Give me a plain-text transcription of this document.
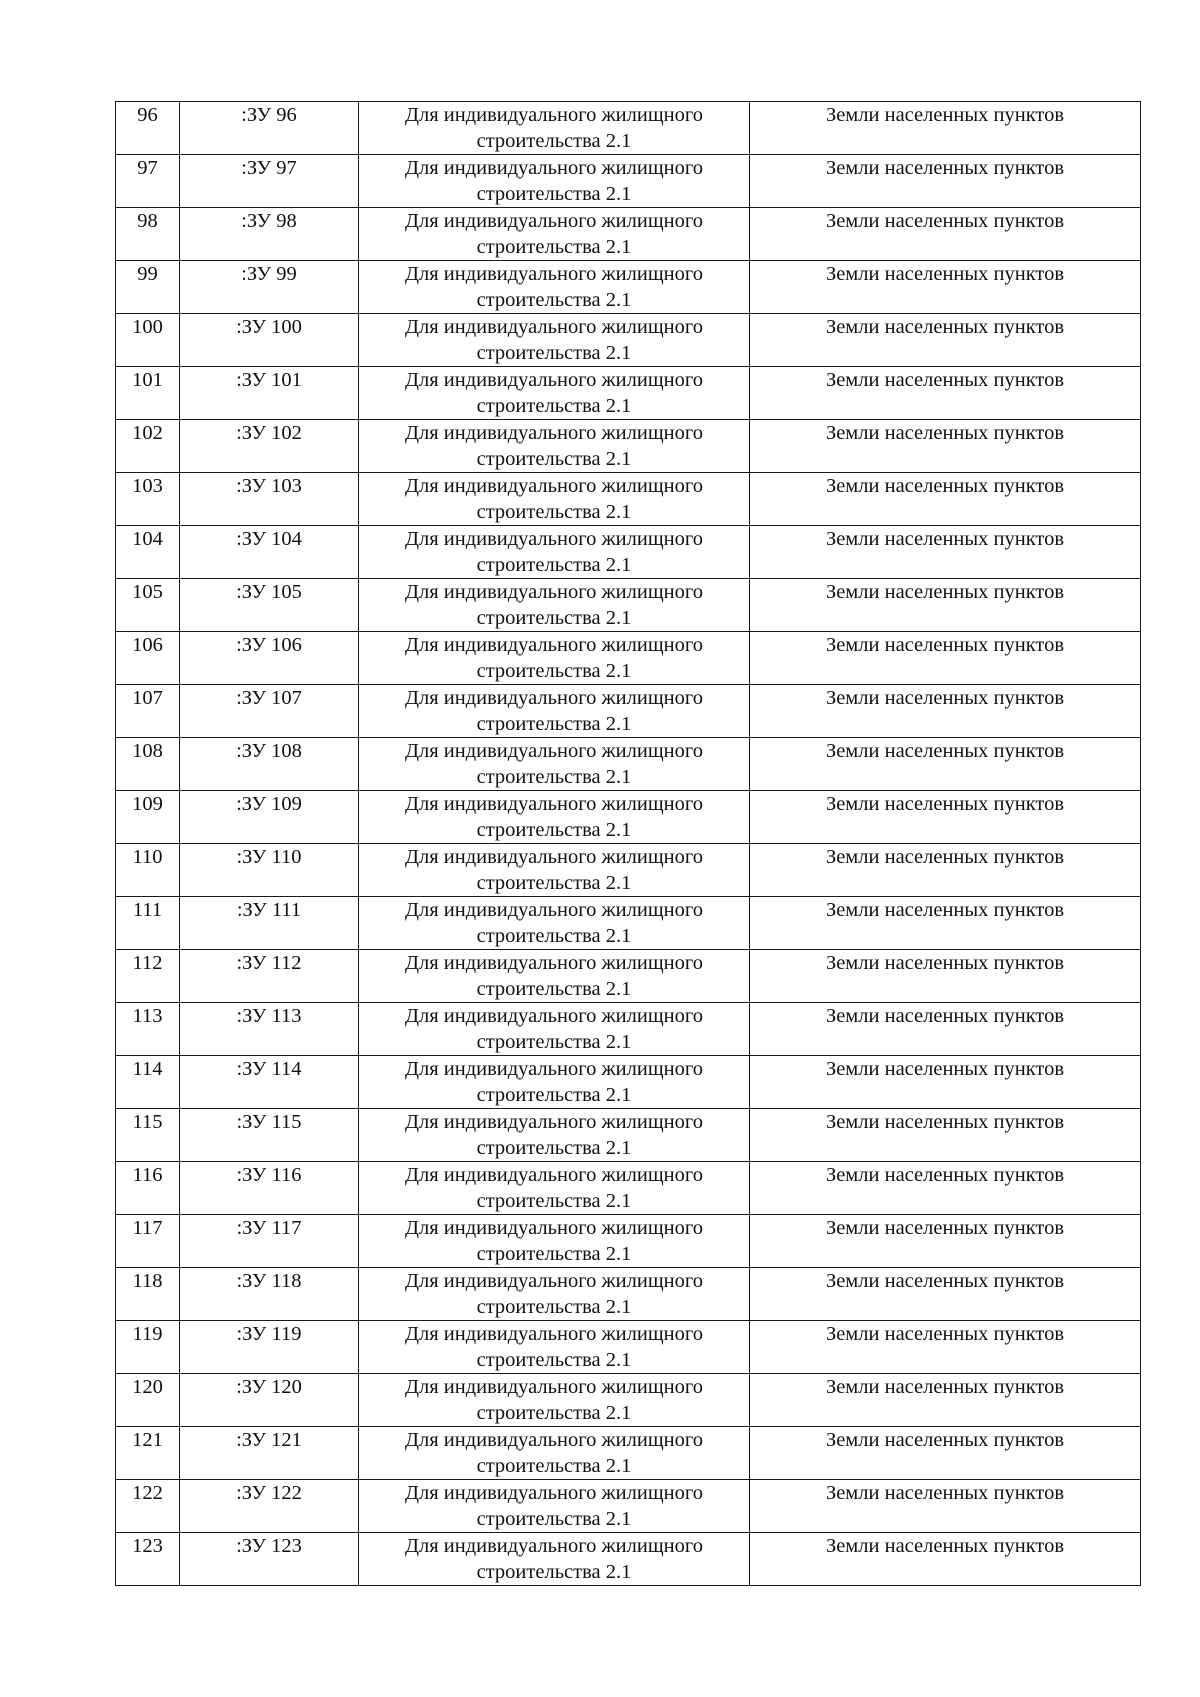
96	:ЗУ 96	Для индивидуального жилищного
строительства 2.1	Земли населенных пунктов

97	:ЗУ 97	Для индивидуального жилищного
строительства 2.1	Земли населенных пунктов

98	:ЗУ 98	Для индивидуального жилищного
строительства 2.1	Земли населенных пунктов

99	:ЗУ 99	Для индивидуального жилищного
строительства 2.1	Земли населенных пунктов

100	:ЗУ 100	Для индивидуального жилищного
строительства 2.1	Земли населенных пунктов

101	:ЗУ 101	Для индивидуального жилищного
строительства 2.1	Земли населенных пунктов

102	:ЗУ 102	Для индивидуального жилищного
строительства 2.1	Земли населенных пунктов

103	:ЗУ 103	Для индивидуального жилищного
строительства 2.1	Земли населенных пунктов

104	:ЗУ 104	Для индивидуального жилищного
строительства 2.1	Земли населенных пунктов

105	:ЗУ 105	Для индивидуального жилищного
строительства 2.1	Земли населенных пунктов

106	:ЗУ 106	Для индивидуального жилищного
строительства 2.1	Земли населенных пунктов

107	:ЗУ 107	Для индивидуального жилищного
строительства 2.1	Земли населенных пунктов

108	:ЗУ 108	Для индивидуального жилищного
строительства 2.1	Земли населенных пунктов

109	:ЗУ 109	Для индивидуального жилищного
строительства 2.1	Земли населенных пунктов

110	:ЗУ 110	Для индивидуального жилищного
строительства 2.1	Земли населенных пунктов

111	:ЗУ 111	Для индивидуального жилищного
строительства 2.1	Земли населенных пунктов

112	:ЗУ 112	Для индивидуального жилищного
строительства 2.1	Земли населенных пунктов

113	:ЗУ 113	Для индивидуального жилищного
строительства 2.1	Земли населенных пунктов

114	:ЗУ 114	Для индивидуального жилищного
строительства 2.1	Земли населенных пунктов

115	:ЗУ 115	Для индивидуального жилищного
строительства 2.1	Земли населенных пунктов

116	:ЗУ 116	Для индивидуального жилищного
строительства 2.1	Земли населенных пунктов

117	:ЗУ 117	Для индивидуального жилищного
строительства 2.1	Земли населенных пунктов

118	:ЗУ 118	Для индивидуального жилищного
строительства 2.1	Земли населенных пунктов

119	:ЗУ 119	Для индивидуального жилищного
строительства 2.1	Земли населенных пунктов

120	:ЗУ 120	Для индивидуального жилищного
строительства 2.1	Земли населенных пунктов

121	:ЗУ 121	Для индивидуального жилищного
строительства 2.1	Земли населенных пунктов

122	:ЗУ 122	Для индивидуального жилищного
строительства 2.1	Земли населенных пунктов

123	:ЗУ 123	Для индивидуального жилищного
строительства 2.1	Земли населенных пунктов
